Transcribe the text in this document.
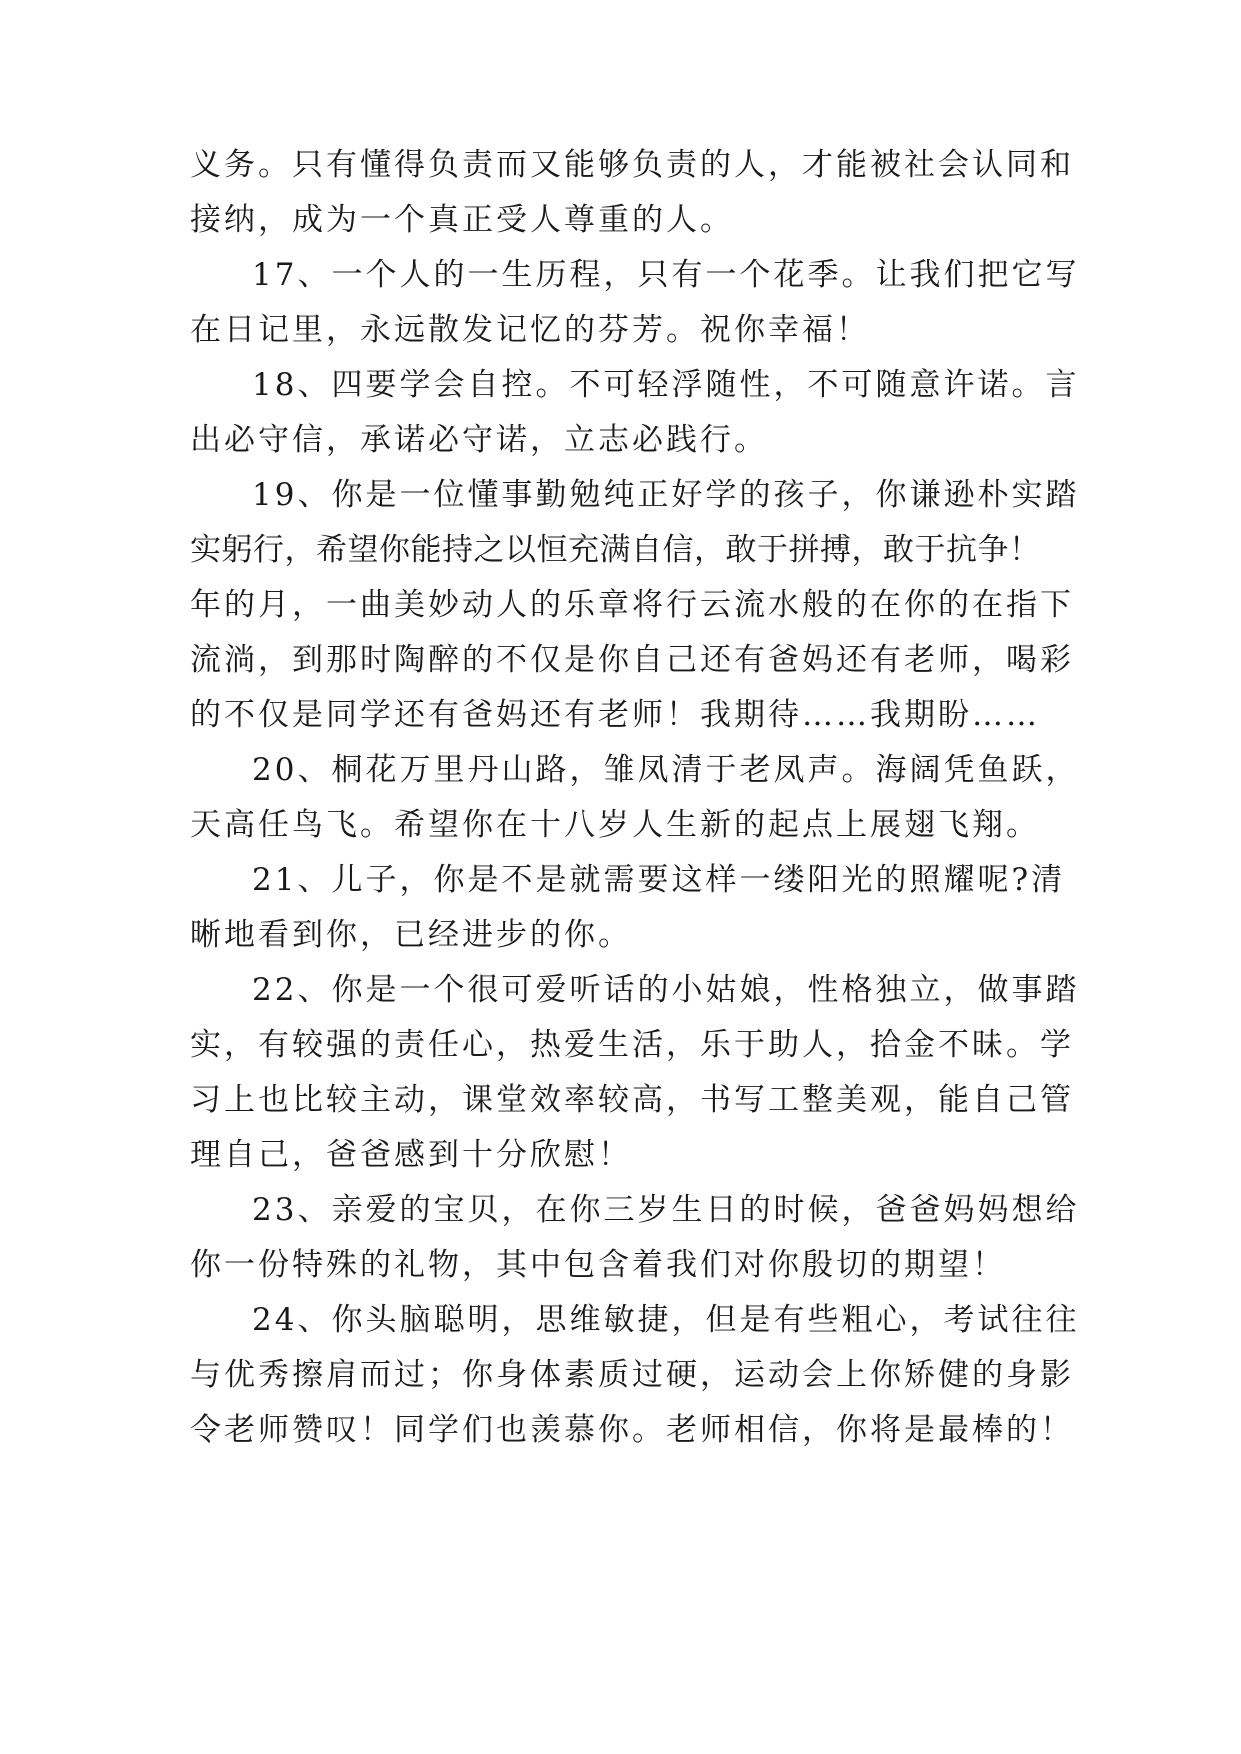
义务。只有懂得负责而又能够负责的人，才能被社会认同和
接纳，成为一个真正受人尊重的人。
17、一个人的一生历程，只有一个花季。让我们把它写
在日记里，永远散发记忆的芬芳。祝你幸福！
18、四要学会自控。不可轻浮随性，不可随意许诺。言
出必守信，承诺必守诺，立志必践行。
19、你是一位懂事勤勉纯正好学的孩子，你谦逊朴实踏
实躬行，希望你能持之以恒充满自信，敢于拼搏，敢于抗争！
年的月，一曲美妙动人的乐章将行云流水般的在你的在指下
流淌，到那时陶醉的不仅是你自己还有爸妈还有老师，喝彩
的不仅是同学还有爸妈还有老师！我期待……我期盼……
20、桐花万里丹山路，雏凤清于老凤声。海阔凭鱼跃，
天高任鸟飞。希望你在十八岁人生新的起点上展翅飞翔。
21、儿子，你是不是就需要这样一缕阳光的照耀呢?清
晰地看到你，已经进步的你。
22、你是一个很可爱听话的小姑娘，性格独立，做事踏
实，有较强的责任心，热爱生活，乐于助人，拾金不昧。学
习上也比较主动，课堂效率较高，书写工整美观，能自己管
理自己，爸爸感到十分欣慰！
23、亲爱的宝贝，在你三岁生日的时候，爸爸妈妈想给
你一份特殊的礼物，其中包含着我们对你殷切的期望！
24、你头脑聪明，思维敏捷，但是有些粗心，考试往往
与优秀擦肩而过；你身体素质过硬，运动会上你矫健的身影
令老师赞叹！同学们也羡慕你。老师相信，你将是最棒的！
